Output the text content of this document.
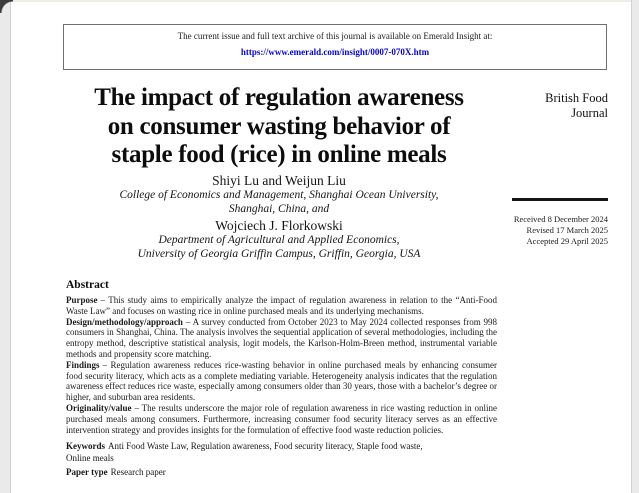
The current issue and full text archive of this journal is available on Emerald Insight at:
https://www.emerald.com/insight/0007-070X.htm
British Food
Journal
The impact of regulation awareness
on consumer wasting behavior of
staple food (rice) in online meals
Shiyi Lu and Weijun Liu
College of Economics and Management, Shanghai Ocean University,
Shanghai, China, and
Wojciech J. Florkowski
Department of Agricultural and Applied Economics,
University of Georgia Griffin Campus, Griffin, Georgia, USA
Received 8 December 2024
Revised 17 March 2025
Accepted 29 April 2025
Abstract

Purpose – This study aims to empirically analyze the impact of regulation awareness in relation to the “Anti-Food Waste Law” and focuses on wasting rice in online purchased meals and its underlying mechanisms.

Design/methodology/approach – A survey conducted from October 2023 to May 2024 collected responses from 998 consumers in Shanghai, China. The analysis involves the sequential application of several methodologies, including the entropy method, descriptive statistical analysis, logit models, the Karlson-Holm-Breen method, instrumental variable methods and propensity score matching.

Findings – Regulation awareness reduces rice-wasting behavior in online purchased meals by enhancing consumer food security literacy, which acts as a complete mediating variable. Heterogeneity analysis indicates that the regulation awareness effect reduces rice waste, especially among consumers older than 30 years, those with a bachelor’s degree or higher, and suburban area residents.

Originality/value – The results underscore the major role of regulation awareness in rice wasting reduction in online purchased meals among consumers. Furthermore, increasing consumer food security literacy serves as an effective intervention strategy and provides insights for the formulation of effective food waste reduction policies.

Keywords Anti Food Waste Law, Regulation awareness, Food security literacy, Staple food waste,
Online meals
Paper type Research paper
